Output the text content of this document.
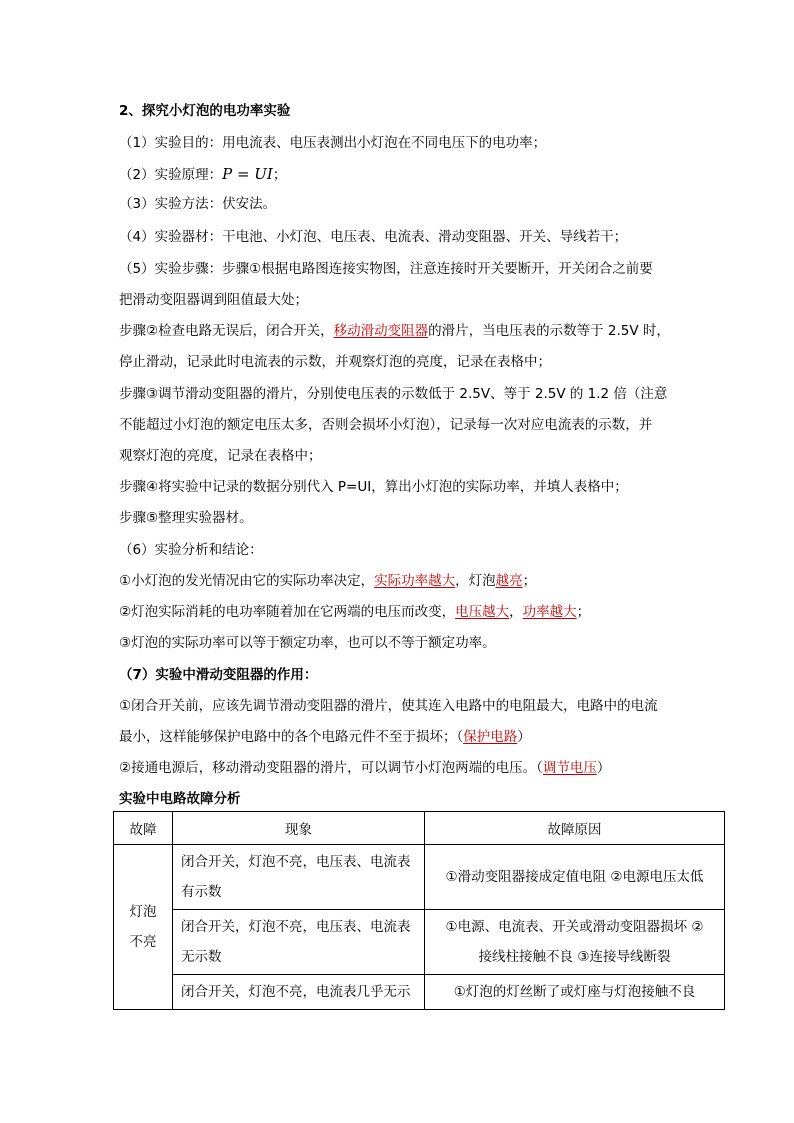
2、探究小灯泡的电功率实验
（1）实验目的：用电流表、电压表测出小灯泡在不同电压下的电功率；
（2）实验原理：P = UI；
（3）实验方法：伏安法。
（4）实验器材：干电池、小灯泡、电压表、电流表、滑动变阻器、开关、导线若干；
（5）实验步骤：步骤①根据电路图连接实物图，注意连接时开关要断开，开关闭合之前要
把滑动变阻器调到阻值最大处；
步骤②检查电路无误后，闭合开关，移动滑动变阻器的滑片，当电压表的示数等于 2.5V 时，
停止滑动，记录此时电流表的示数，并观察灯泡的亮度，记录在表格中；
步骤③调节滑动变阻器的滑片，分别使电压表的示数低于 2.5V、等于 2.5V 的 1.2 倍（注意
不能超过小灯泡的额定电压太多，否则会损坏小灯泡），记录每一次对应电流表的示数，并
观察灯泡的亮度，记录在表格中；
步骤④将实验中记录的数据分别代入 P=UI，算出小灯泡的实际功率，并填人表格中；
步骤⑤整理实验器材。
（6）实验分析和结论：
①小灯泡的发光情况由它的实际功率决定，实际功率越大，灯泡越亮；
②灯泡实际消耗的电功率随着加在它两端的电压而改变，电压越大，功率越大；
③灯泡的实际功率可以等于额定功率，也可以不等于额定功率。
（7）实验中滑动变阻器的作用：
①闭合开关前，应该先调节滑动变阻器的滑片，使其连入电路中的电阻最大，电路中的电流
最小，这样能够保护电路中的各个电路元件不至于损坏；（保护电路）
②接通电源后，移动滑动变阻器的滑片，可以调节小灯泡两端的电压。（调节电压）
实验中电路故障分析
故障	现象	故障原因
灯泡不亮	闭合开关，灯泡不亮，电压表、电流表有示数	①滑动变阻器接成定值电阻 ②电源电压太低
	闭合开关，灯泡不亮，电压表、电流表无示数	①电源、电流表、开关或滑动变阻器损坏 ②接线柱接触不良 ③连接导线断裂
	闭合开关，灯泡不亮，电流表几乎无示	①灯泡的灯丝断了或灯座与灯泡接触不良
